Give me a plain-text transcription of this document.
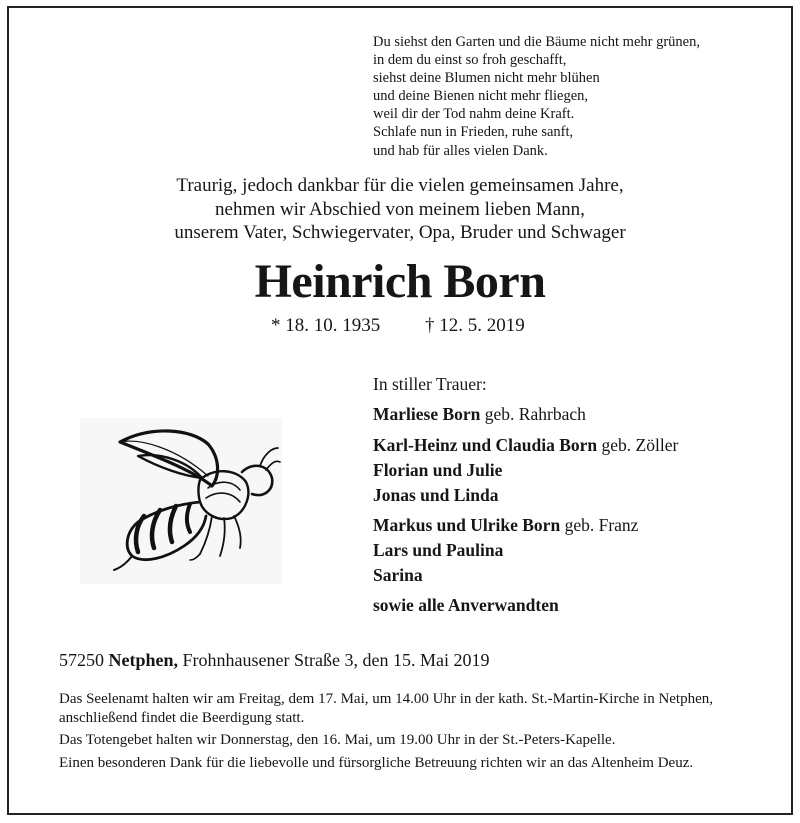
Du siehst den Garten und die Bäume nicht mehr grünen,
in dem du einst so froh geschafft,
siehst deine Blumen nicht mehr blühen
und deine Bienen nicht mehr fliegen,
weil dir der Tod nahm deine Kraft.
Schlafe nun in Frieden, ruhe sanft,
und hab für alles vielen Dank.
Traurig, jedoch dankbar für die vielen gemeinsamen Jahre,
nehmen wir Abschied von meinem lieben Mann,
unserem Vater, Schwiegervater, Opa, Bruder und Schwager
Heinrich Born
* 18. 10. 1935 † 12. 5. 2019
In stiller Trauer:
Marliese Born geb. Rahrbach
Karl-Heinz und Claudia Born geb. Zöller
Florian und Julie
Jonas und Linda
Markus und Ulrike Born geb. Franz
Lars und Paulina
Sarina
sowie alle Anverwandten
57250 Netphen, Frohnhausener Straße 3, den 15. Mai 2019

Das Seelenamt halten wir am Freitag, dem 17. Mai, um 14.00 Uhr in der kath. St.-Martin-Kirche in Netphen, anschließend findet die Beerdigung statt.

Das Totengebet halten wir Donnerstag, den 16. Mai, um 19.00 Uhr in der St.-Peters-Kapelle.

Einen besonderen Dank für die liebevolle und fürsorgliche Betreuung richten wir an das Altenheim Deuz.
